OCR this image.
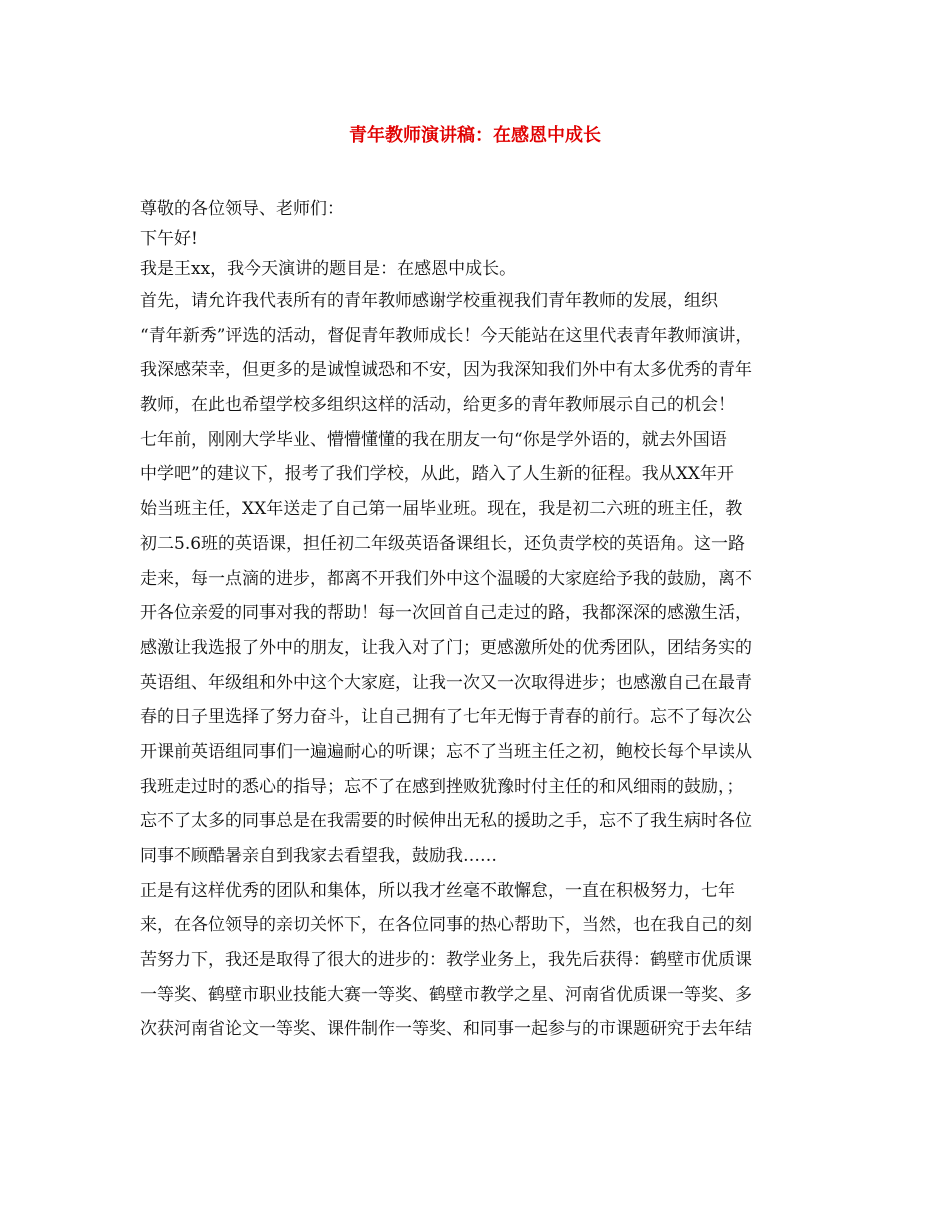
青年教师演讲稿：在感恩中成长
尊敬的各位领导、老师们：
下午好!
我是王xx，我今天演讲的题目是：在感恩中成长。
首先，请允许我代表所有的青年教师感谢学校重视我们青年教师的发展，组织
“青年新秀”评选的活动，督促青年教师成长！今天能站在这里代表青年教师演讲，
我深感荣幸，但更多的是诚惶诚恐和不安，因为我深知我们外中有太多优秀的青年
教师，在此也希望学校多组织这样的活动，给更多的青年教师展示自己的机会！
七年前，刚刚大学毕业、懵懵懂懂的我在朋友一句“你是学外语的，就去外国语
中学吧”的建议下，报考了我们学校，从此，踏入了人生新的征程。我从XX年开
始当班主任，XX年送走了自己第一届毕业班。现在，我是初二六班的班主任，教
初二5.6班的英语课，担任初二年级英语备课组长，还负责学校的英语角。这一路
走来，每一点滴的进步，都离不开我们外中这个温暖的大家庭给予我的鼓励，离不
开各位亲爱的同事对我的帮助！每一次回首自己走过的路，我都深深的感激生活，
感激让我选报了外中的朋友，让我入对了门；更感激所处的优秀团队，团结务实的
英语组、年级组和外中这个大家庭，让我一次又一次取得进步；也感激自己在最青
春的日子里选择了努力奋斗，让自己拥有了七年无悔于青春的前行。忘不了每次公
开课前英语组同事们一遍遍耐心的听课；忘不了当班主任之初，鲍校长每个早读从
我班走过时的悉心的指导；忘不了在感到挫败犹豫时付主任的和风细雨的鼓励，；
忘不了太多的同事总是在我需要的时候伸出无私的援助之手，忘不了我生病时各位
同事不顾酷暑亲自到我家去看望我，鼓励我……
正是有这样优秀的团队和集体，所以我才丝毫不敢懈怠，一直在积极努力，七年
来，在各位领导的亲切关怀下，在各位同事的热心帮助下，当然，也在我自己的刻
苦努力下，我还是取得了很大的进步的：教学业务上，我先后获得：鹤壁市优质课
一等奖、鹤壁市职业技能大赛一等奖、鹤壁市教学之星、河南省优质课一等奖、多
次获河南省论文一等奖、课件制作一等奖、和同事一起参与的市课题研究于去年结
